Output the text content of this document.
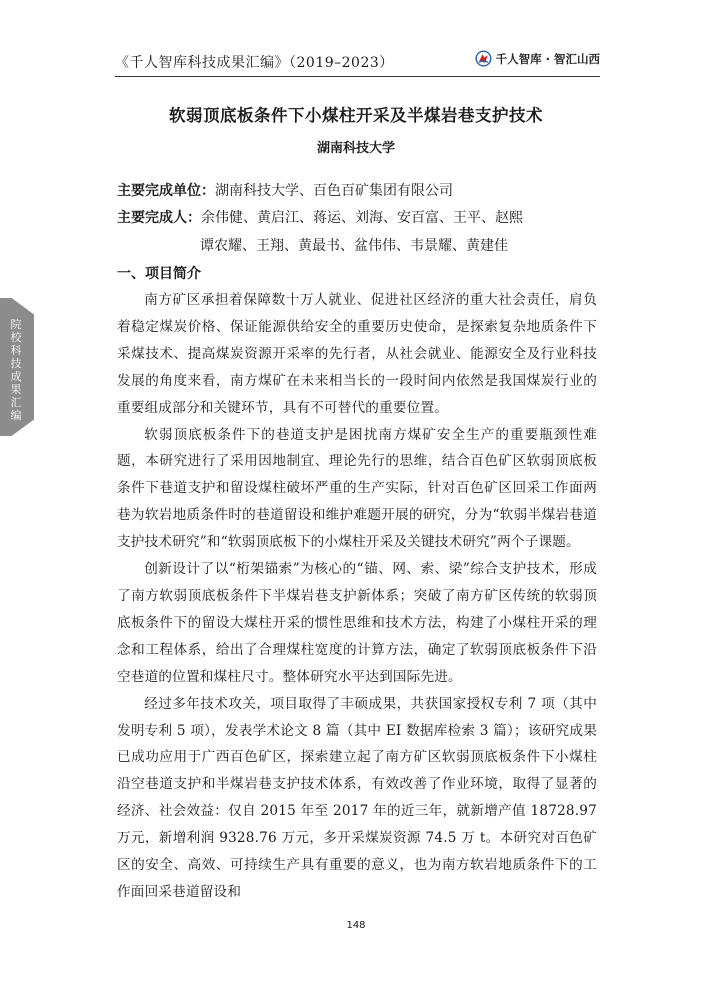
《千人智库科技成果汇编》（2019–2023）	千人智库 · 智汇山西
院校科技成果汇编
软弱顶底板条件下小煤柱开采及半煤岩巷支护技术
湖南科技大学
主要完成单位：湖南科技大学、百色百矿集团有限公司
主要完成人：余伟健、黄启江、蒋运、刘海、安百富、王平、赵熙
谭农耀、王翔、黄最书、盆伟伟、韦景耀、黄建佳
一、项目简介

南方矿区承担着保障数十万人就业、促进社区经济的重大社会责任，肩负着稳定煤炭价格、保证能源供给安全的重要历史使命，是探索复杂地质条件下采煤技术、提高煤炭资源开采率的先行者，从社会就业、能源安全及行业科技发展的角度来看，南方煤矿在未来相当长的一段时间内依然是我国煤炭行业的重要组成部分和关键环节，具有不可替代的重要位置。

软弱顶底板条件下的巷道支护是困扰南方煤矿安全生产的重要瓶颈性难题，本研究进行了采用因地制宜、理论先行的思维，结合百色矿区软弱顶底板条件下巷道支护和留设煤柱破坏严重的生产实际，针对百色矿区回采工作面两巷为软岩地质条件时的巷道留设和维护难题开展的研究，分为“软弱半煤岩巷道支护技术研究”和“软弱顶底板下的小煤柱开采及关键技术研究”两个子课题。

创新设计了以“桁架锚索”为核心的“锚、网、索、梁”综合支护技术，形成了南方软弱顶底板条件下半煤岩巷支护新体系；突破了南方矿区传统的软弱顶底板条件下的留设大煤柱开采的惯性思维和技术方法，构建了小煤柱开采的理念和工程体系，给出了合理煤柱宽度的计算方法，确定了软弱顶底板条件下沿空巷道的位置和煤柱尺寸。整体研究水平达到国际先进。

经过多年技术攻关，项目取得了丰硕成果，共获国家授权专利 7 项（其中发明专利 5 项），发表学术论文 8 篇（其中 EI 数据库检索 3 篇）；该研究成果已成功应用于广西百色矿区，探索建立起了南方矿区软弱顶底板条件下小煤柱沿空巷道支护和半煤岩巷支护技术体系，有效改善了作业环境，取得了显著的经济、社会效益：仅自 2015 年至 2017 年的近三年，就新增产值 18728.97 万元，新增利润 9328.76 万元，多开采煤炭资源 74.5 万 t。本研究对百色矿区的安全、高效、可持续生产具有重要的意义，也为南方软岩地质条件下的工作面回采巷道留设和

148
